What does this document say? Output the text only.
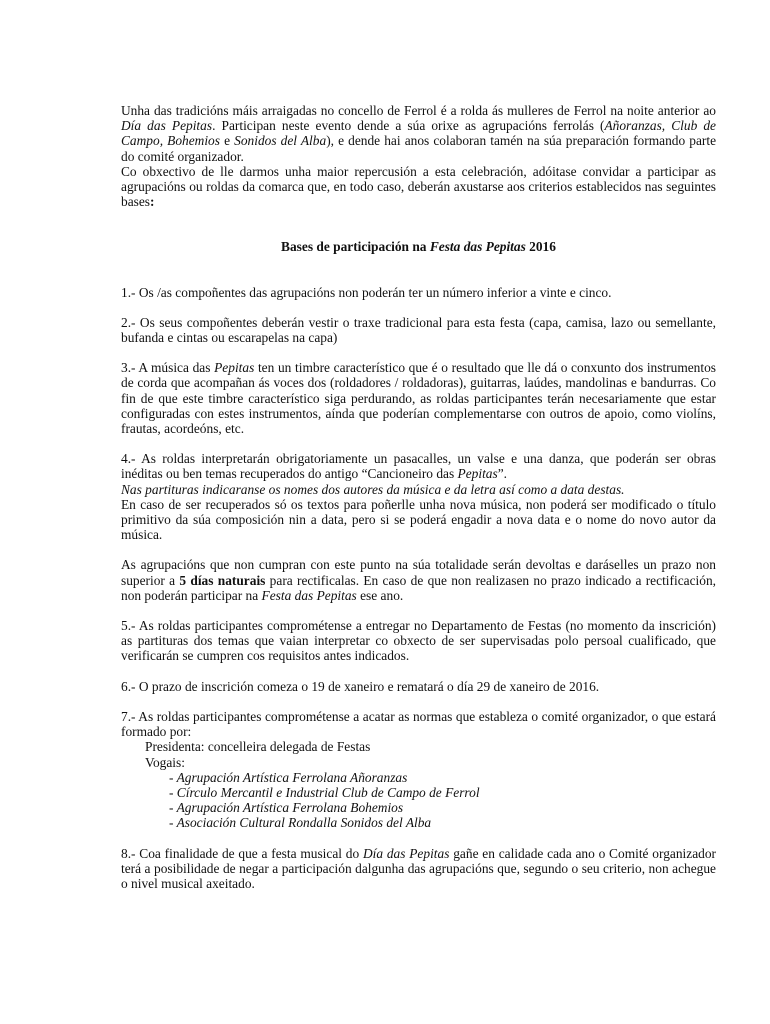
Unha das tradicións máis arraigadas no concello de Ferrol é a rolda ás mulleres de Ferrol na noite anterior ao Día das Pepitas. Participan neste evento dende a súa orixe as agrupacións ferrolás (Añoranzas, Club de Campo, Bohemios e Sonidos del Alba), e dende hai anos colaboran tamén na súa preparación formando parte do comité organizador.

Co obxectivo de lle darmos unha maior repercusión a esta celebración, adóitase convidar a participar as agrupacións ou roldas da comarca que, en todo caso, deberán axustarse aos criterios establecidos nas seguintes bases:

Bases de participación na Festa das Pepitas 2016

1.- Os /as compoñentes das agrupacións non poderán ter un número inferior a vinte e cinco.

2.- Os seus compoñentes deberán vestir o traxe tradicional para esta festa (capa, camisa, lazo ou semellante, bufanda e cintas ou escarapelas na capa)

3.- A música das Pepitas ten un timbre característico que é o resultado que lle dá o conxunto dos instrumentos de corda que acompañan ás voces dos (roldadores / roldadoras), guitarras, laúdes, mandolinas e bandurras. Co fin de que este timbre característico siga perdurando, as roldas participantes terán necesariamente que estar configuradas con estes instrumentos, aínda que poderían complementarse con outros de apoio, como violíns, frautas, acordeóns, etc.

4.- As roldas interpretarán obrigatoriamente un pasacalles, un valse e una danza, que poderán ser obras inéditas ou ben temas recuperados do antigo “Cancioneiro das Pepitas”.

Nas partituras indicaranse os nomes dos autores da música e da letra así como a data destas.

En caso de ser recuperados só os textos para poñerlle unha nova música, non poderá ser modificado o título primitivo da súa composición nin a data, pero si se poderá engadir a nova data e o nome do novo autor da música.

As agrupacións que non cumpran con este punto na súa totalidade serán devoltas e daráselles un prazo non superior a 5 días naturais para rectificalas. En caso de que non realizasen no prazo indicado a rectificación, non poderán participar na Festa das Pepitas ese ano.

5.- As roldas participantes comprométense a entregar no Departamento de Festas (no momento da inscrición) as partituras dos temas que vaian interpretar co obxecto de ser supervisadas polo persoal cualificado, que verificarán se cumpren cos requisitos antes indicados.

6.- O prazo de inscrición comeza o 19 de xaneiro e rematará o día 29 de xaneiro de 2016.

7.- As roldas participantes comprométense a acatar as normas que estableza o comité organizador, o que estará formado por:

Presidenta: concelleira delegada de Festas

Vogais:

- Agrupación Artística Ferrolana Añoranzas

- Círculo Mercantil e Industrial Club de Campo de Ferrol

- Agrupación Artística Ferrolana Bohemios

- Asociación Cultural Rondalla Sonidos del Alba

8.- Coa finalidade de que a festa musical do Día das Pepitas gañe en calidade cada ano o Comité organizador terá a posibilidade de negar a participación dalgunha das agrupacións que, segundo o seu criterio, non achegue o nivel musical axeitado.
